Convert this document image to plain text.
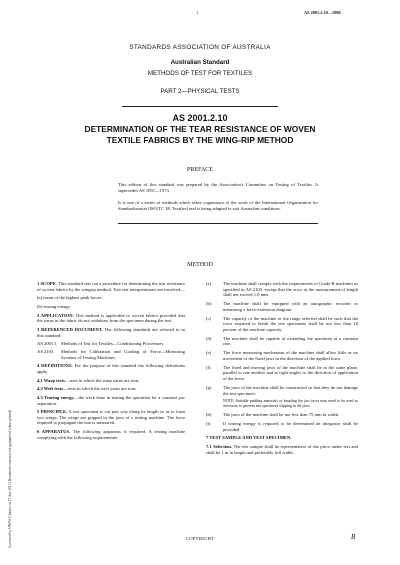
1	AS 2001.2.10—1986
STANDARDS ASSOCIATION OF AUSTRALIA
Australian Standard
METHODS OF TEST FOR TEXTILES
PART 2—PHYSICAL TESTS
AS 2001.2.10
DETERMINATION OF THE TEAR RESISTANCE OF WOVEN
TEXTILE FABRICS BY THE WING-RIP METHOD
PREFACE
This edition of this standard was prepared by the Association's Committee on Testing of Textiles. It supersedes AS 1091—1973.
It is one of a series of methods which takes cognizance of the work of the International Organization for Standardization (ISO/TC 38, Textiles) and is being adapted to suit Australian conditions.
METHOD
1 SCOPE. This standard sets out a procedure for determining the tear resistance of woven fabrics by the wingrip method. Two test interpretations are involved—
(a) mean of the highest peak forces.
(b) tearing energy.
2 APPLICATION. This method is applicable to woven fabrics provided that the yarns in the fabric do not withdraw from the specimen during the test.
3 REFERENCED DOCUMENT. The following standards are referred to in this standard:
AS 2001.1 Methods of Test for Textiles—Conditioning Procedures.
AS 2103	Methods for Calibration and Grading of Force—Measuring Systems of Testing Machines.
4 DEFINITIONS. For the purpose of this standard the following definitions apply.
4.1 Warp tests—tests in which the warp yarns are torn.
4.2 Weft tests—tests in which the weft yarns are torn.
4.3 Tearing energy—the work done in tearing the specimen for a constant jaw separation.
5 PRINCIPLE. A test specimen is cut part way along its length so as to form two wings. The wings are gripped in the jaws of a testing machine. The force required to propagate the tear is measured.
6 APPARATUS. The following apparatus is required: A testing machine complying with the following requirements:
(a)	The machine shall comply with the requirements of Grade B machines as specified in AS 2103, except that the error in the measurement of length shall not exceed 1.0 mm.
(b)	The machine shall be equipped with an autographic recorder or measuring a force-extension diagram.
(c)	The capacity of the machine or the range selected shall be such that the force required to break the test specimens shall be not less than 10 percent of the machine capacity.
(d)	The machine shall be capable of extending the specimen at a constant rate.
(e)	The force measuring mechanism of the machine shall allow little or no movement of the fixed jaws in the direction of the applied force.
(f)	The fixed and moving jaws of the machine shall be in the same plane, parallel to one another and at right angles to the direction of application of the force.
(g)	The jaws of the machine shall be constructed so that they do not damage the test specimen.
NOTE: Suitable padding materials or knurling the jaw faces may need to be used as necessary to prevent test specimens slipping in the jaws.
(h)	The jaws of the machine shall be not less than 75 mm in width.
(i)	If tearing energy is required to be determined an integrator shall be provided.
7 TEST SAMPLE AND TEST SPECIMEN.
7.1 Selection. The test sample shall be representative of the piece under test and shall be 1 m in length and preferably full width.
COPYRIGHT	B
Accessed by UNSW Library on 27 Apr 2013 (Document currency not guaranteed when printed)
